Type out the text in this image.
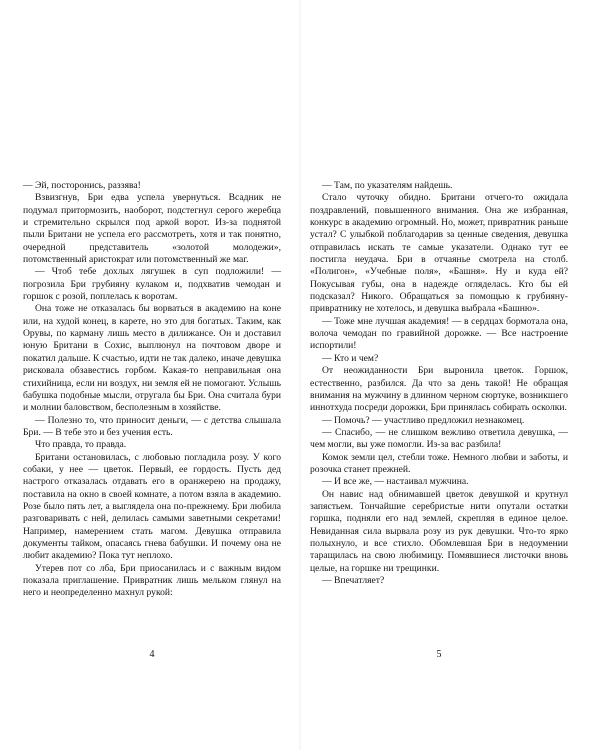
— Эй, посторонись, раззява!

Взвизгнув, Бри едва успела увернуться. Всадник не подумал притормозить, наоборот, подстегнул серого жеребца и стремительно скрылся под аркой ворот. Из-за поднятой пыли Британи не успела его рассмотреть, хотя и так понятно, очередной представитель «золотой молодежи», потомственный аристократ или потомственный же маг.

— Чтоб тебе дохлых лягушек в суп подложили! — погрозила Бри грубияну кулаком и, подхватив чемодан и горшок с розой, поплелась к воротам.

Она тоже не отказалась бы ворваться в академию на коне или, на худой конец, в карете, но это для богатых. Таким, как Орувы, по карману лишь место в дилижансе. Он и доставил юную Британи в Сохис, выплюнул на почтовом дворе и покатил дальше. К счастью, идти не так далеко, иначе девушка рисковала обзавестись горбом. Какая-то неправильная она стихийница, если ни воздух, ни земля ей не помогают. Услышь бабушка подобные мысли, отругала бы Бри. Она считала бури и молнии баловством, бесполезным в хозяйстве.

— Полезно то, что приносит деньги, — с детства слышала Бри. — В тебе это и без учения есть.

Что правда, то правда.

Британи остановилась, с любовью погладила розу. У кого собаки, у нее — цветок. Первый, ее гордость. Пусть дед настрого отказалась отдавать его в оранжерею на продажу, поставила на окно в своей комнате, а потом взяла в академию. Розе было пять лет, а выглядела она по-прежнему. Бри любила разговаривать с ней, делилась самыми заветными секретами! Например, намерением стать магом. Девушка отправила документы тайком, опасаясь гнева бабушки. И почему она не любит академию? Пока тут неплохо.

Утерев пот со лба, Бри приосанилась и с важным видом показала приглашение. Привратник лишь мельком глянул на него и неопределенно махнул рукой:

— Там, по указателям найдешь.

Стало чуточку обидно. Британи отчего-то ожидала поздравлений, повышенного внимания. Она же избранная, конкурс в академию огромный. Но, может, привратник раньше устал? С улыбкой поблагодарив за ценные сведения, девушка отправилась искать те самые указатели. Однако тут ее постигла неудача. Бри в отчаянье смотрела на столб. «Полигон», «Учебные поля», «Башня». Ну и куда ей? Покусывая губы, она в надежде огляделась. Кто бы ей подсказал? Никого. Обращаться за помощью к грубияну-привратнику не хотелось, и девушка выбрала «Башню».

— Тоже мне лучшая академия! — в сердцах бормотала она, волоча чемодан по гравийной дорожке. — Все настроение испортили!

— Кто и чем?

От неожиданности Бри выронила цветок. Горшок, естественно, разбился. Да что за день такой! Не обращая внимания на мужчину в длинном черном сюртуке, возникшего иннотхуда посреди дорожки, Бри принялась собирать осколки.

— Помочь? — участливо предложил незнакомец.

— Спасибо, — не слишком вежливо ответила девушка, — чем могли, вы уже помогли. Из-за вас разбила!

Комок земли цел, стебли тоже. Немного любви и заботы, и розочка станет прежней.

— И все же, — настаивал мужчина.

Он навис над обнимавшей цветок девушкой и крутнул запястьем. Тончайшие серебристые нити опутали остатки горшка, подняли его над землей, скрепляя в единое целое. Невиданная сила вырвала розу из рук девушки. Что-то ярко полыхнуло, и все стихло. Обомлевшая Бри в недоумении таращилась на свою любимицу. Помявшиеся листочки вновь целые, на горшке ни трещинки.

— Впечатляет?

4	5
